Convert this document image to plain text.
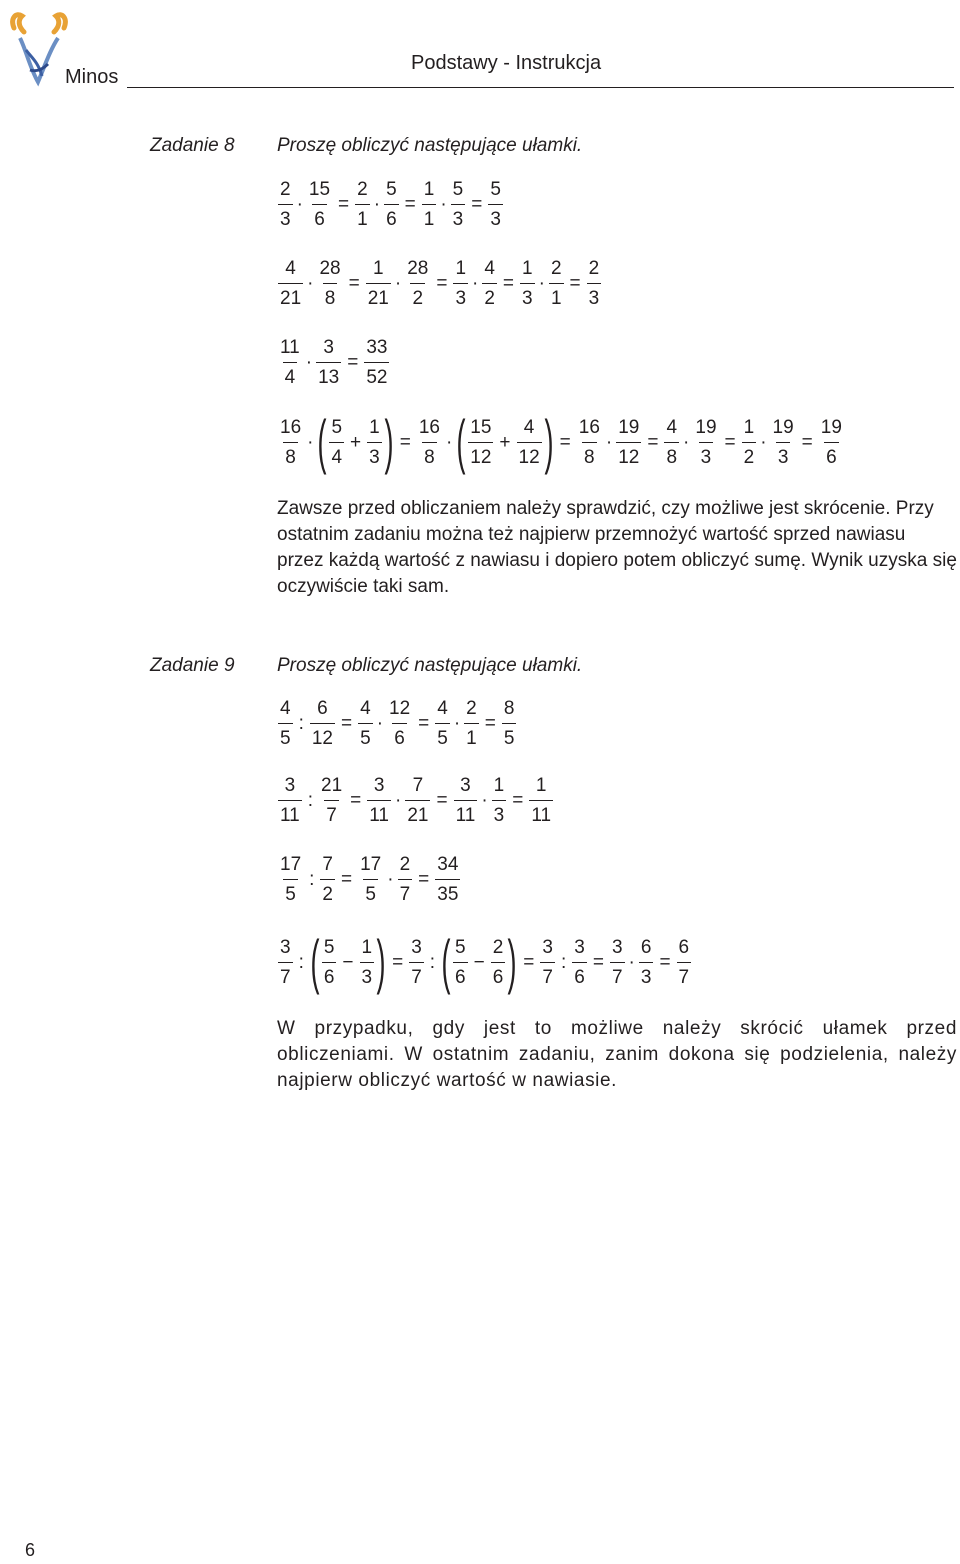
Minos
Podstawy - Instrukcja
Zadanie 8 Proszę obliczyć następujące ułamki.
$\frac{2}{3} \cdot \frac{15}{6} = \frac{2}{1} \cdot \frac{5}{6} = \frac{1}{1} \cdot \frac{5}{3} = \frac{5}{3}$
$\frac{4}{21} \cdot \frac{28}{8} = \frac{1}{21} \cdot \frac{28}{2} = \frac{1}{3} \cdot \frac{4}{2} = \frac{1}{3} \cdot \frac{2}{1} = \frac{2}{3}$
$\frac{11}{4} \cdot \frac{3}{13} = \frac{33}{52}$
$\frac{16}{8}$ · ( $\frac{5}{4} + \frac{1}{3}$ ) = $\frac{16}{8}$ · ( $\frac{15}{12} + \frac{4}{12}$ ) = $\frac{16}{8} \cdot \frac{19}{12} = \frac{4}{8} \cdot \frac{19}{3} = \frac{1}{2} \cdot \frac{19}{3} = \frac{19}{6}$
Zawsze przed obliczaniem należy sprawdzić, czy możliwe jest skrócenie. Przy ostatnim zadaniu można też najpierw przemnożyć wartość sprzed nawiasu przez każdą wartość z nawiasu i dopiero potem obliczyć sumę. Wynik uzyska się oczywiście taki sam.
Zadanie 9 Proszę obliczyć następujące ułamki.
$\frac{4}{5}$ : $\frac{6}{12} = \frac{4}{5} \cdot \frac{12}{6} = \frac{4}{5} \cdot \frac{2}{1} = \frac{8}{5}$
$\frac{3}{11}$ : $\frac{21}{7} = \frac{3}{11} \cdot \frac{7}{21} = \frac{3}{11} \cdot \frac{1}{3} = \frac{1}{11}$
$\frac{17}{5}$ : $\frac{7}{2} = \frac{17}{5} \cdot \frac{2}{7} = \frac{34}{35}$
$\frac{3}{7}$ : ( $\frac{5}{6} - \frac{1}{3}$ ) = $\frac{3}{7}$ : ( $\frac{5}{6} - \frac{2}{6}$ ) = $\frac{3}{7}$ : $\frac{3}{6} = \frac{3}{7} \cdot \frac{6}{3} = \frac{6}{7}$
W przypadku, gdy jest to możliwe należy skrócić ułamek przed obliczeniami. W ostatnim zadaniu, zanim dokona się podzielenia, należy najpierw obliczyć wartość w nawiasie.
6
